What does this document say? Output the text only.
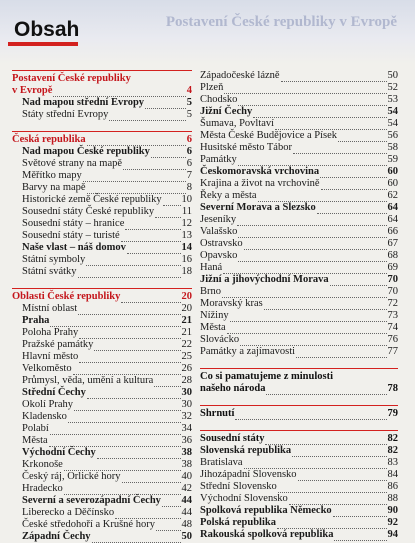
Postavení České republiky v Evropě
Obsah
Postavení České republiky
v Evropě	4
Nad mapou střední Evropy	5
Státy střední Evropy	5
Česká republika	6
Nad mapou České republiky	6
Světové strany na mapě	6
Měřítko mapy	7
Barvy na mapě	8
Historické země České republiky 10
Sousední státy České republiky	11
Sousední státy – hranice	12
Sousední státy – turisté	13
Naše vlast – náš domov	14
Státní symboly	16
Státní svátky	18
Oblasti České republiky	20
Místní oblast	20
Praha	21
Poloha Prahy	21
Pražské památky	22
Hlavní město	25
Velkoměsto	26
Průmysl, věda, umění a kultura	28
Střední Čechy	30
Okolí Prahy	30
Kladensko	32
Polabí	34
Města	36
Východní Čechy	38
Krkonoše	38
Český ráj, Orlické hory	40
Hradecko	42
Severní a severozápadní Čechy 44
Liberecko a Děčínsko	44
České středohoří a Krušné hory	48
Západní Čechy	50
Západočeské lázně	50
Plzeň	52
Chodsko	53
Jižní Čechy	54
Šumava, Povltaví	54
Města České Budějovice a Písek	56
Husitské město Tábor	58
Památky	59
Českomoravská vrchovina	60
Krajina a život na vrchovině	60
Řeky a města	62
Severní Morava a Slezsko	64
Jeseníky	64
Valašsko	66
Ostravsko	67
Opavsko	68
Haná	69
Jižní a jihovýchodní Morava	70
Brno	70
Moravský kras	72
Nížiny	73
Města	74
Slovácko	76
Památky a zajímavosti	77
Co si pamatujeme z minulosti
našeho národa	78
Shrnutí	79
Sousední státy	82
Slovenská republika	82
Bratislava	83
Jihozápadní Slovensko	84
Střední Slovensko	86
Východní Slovensko	88
Spolková republika Německo	90
Polská republika	92
Rakouská spolková republika	94
